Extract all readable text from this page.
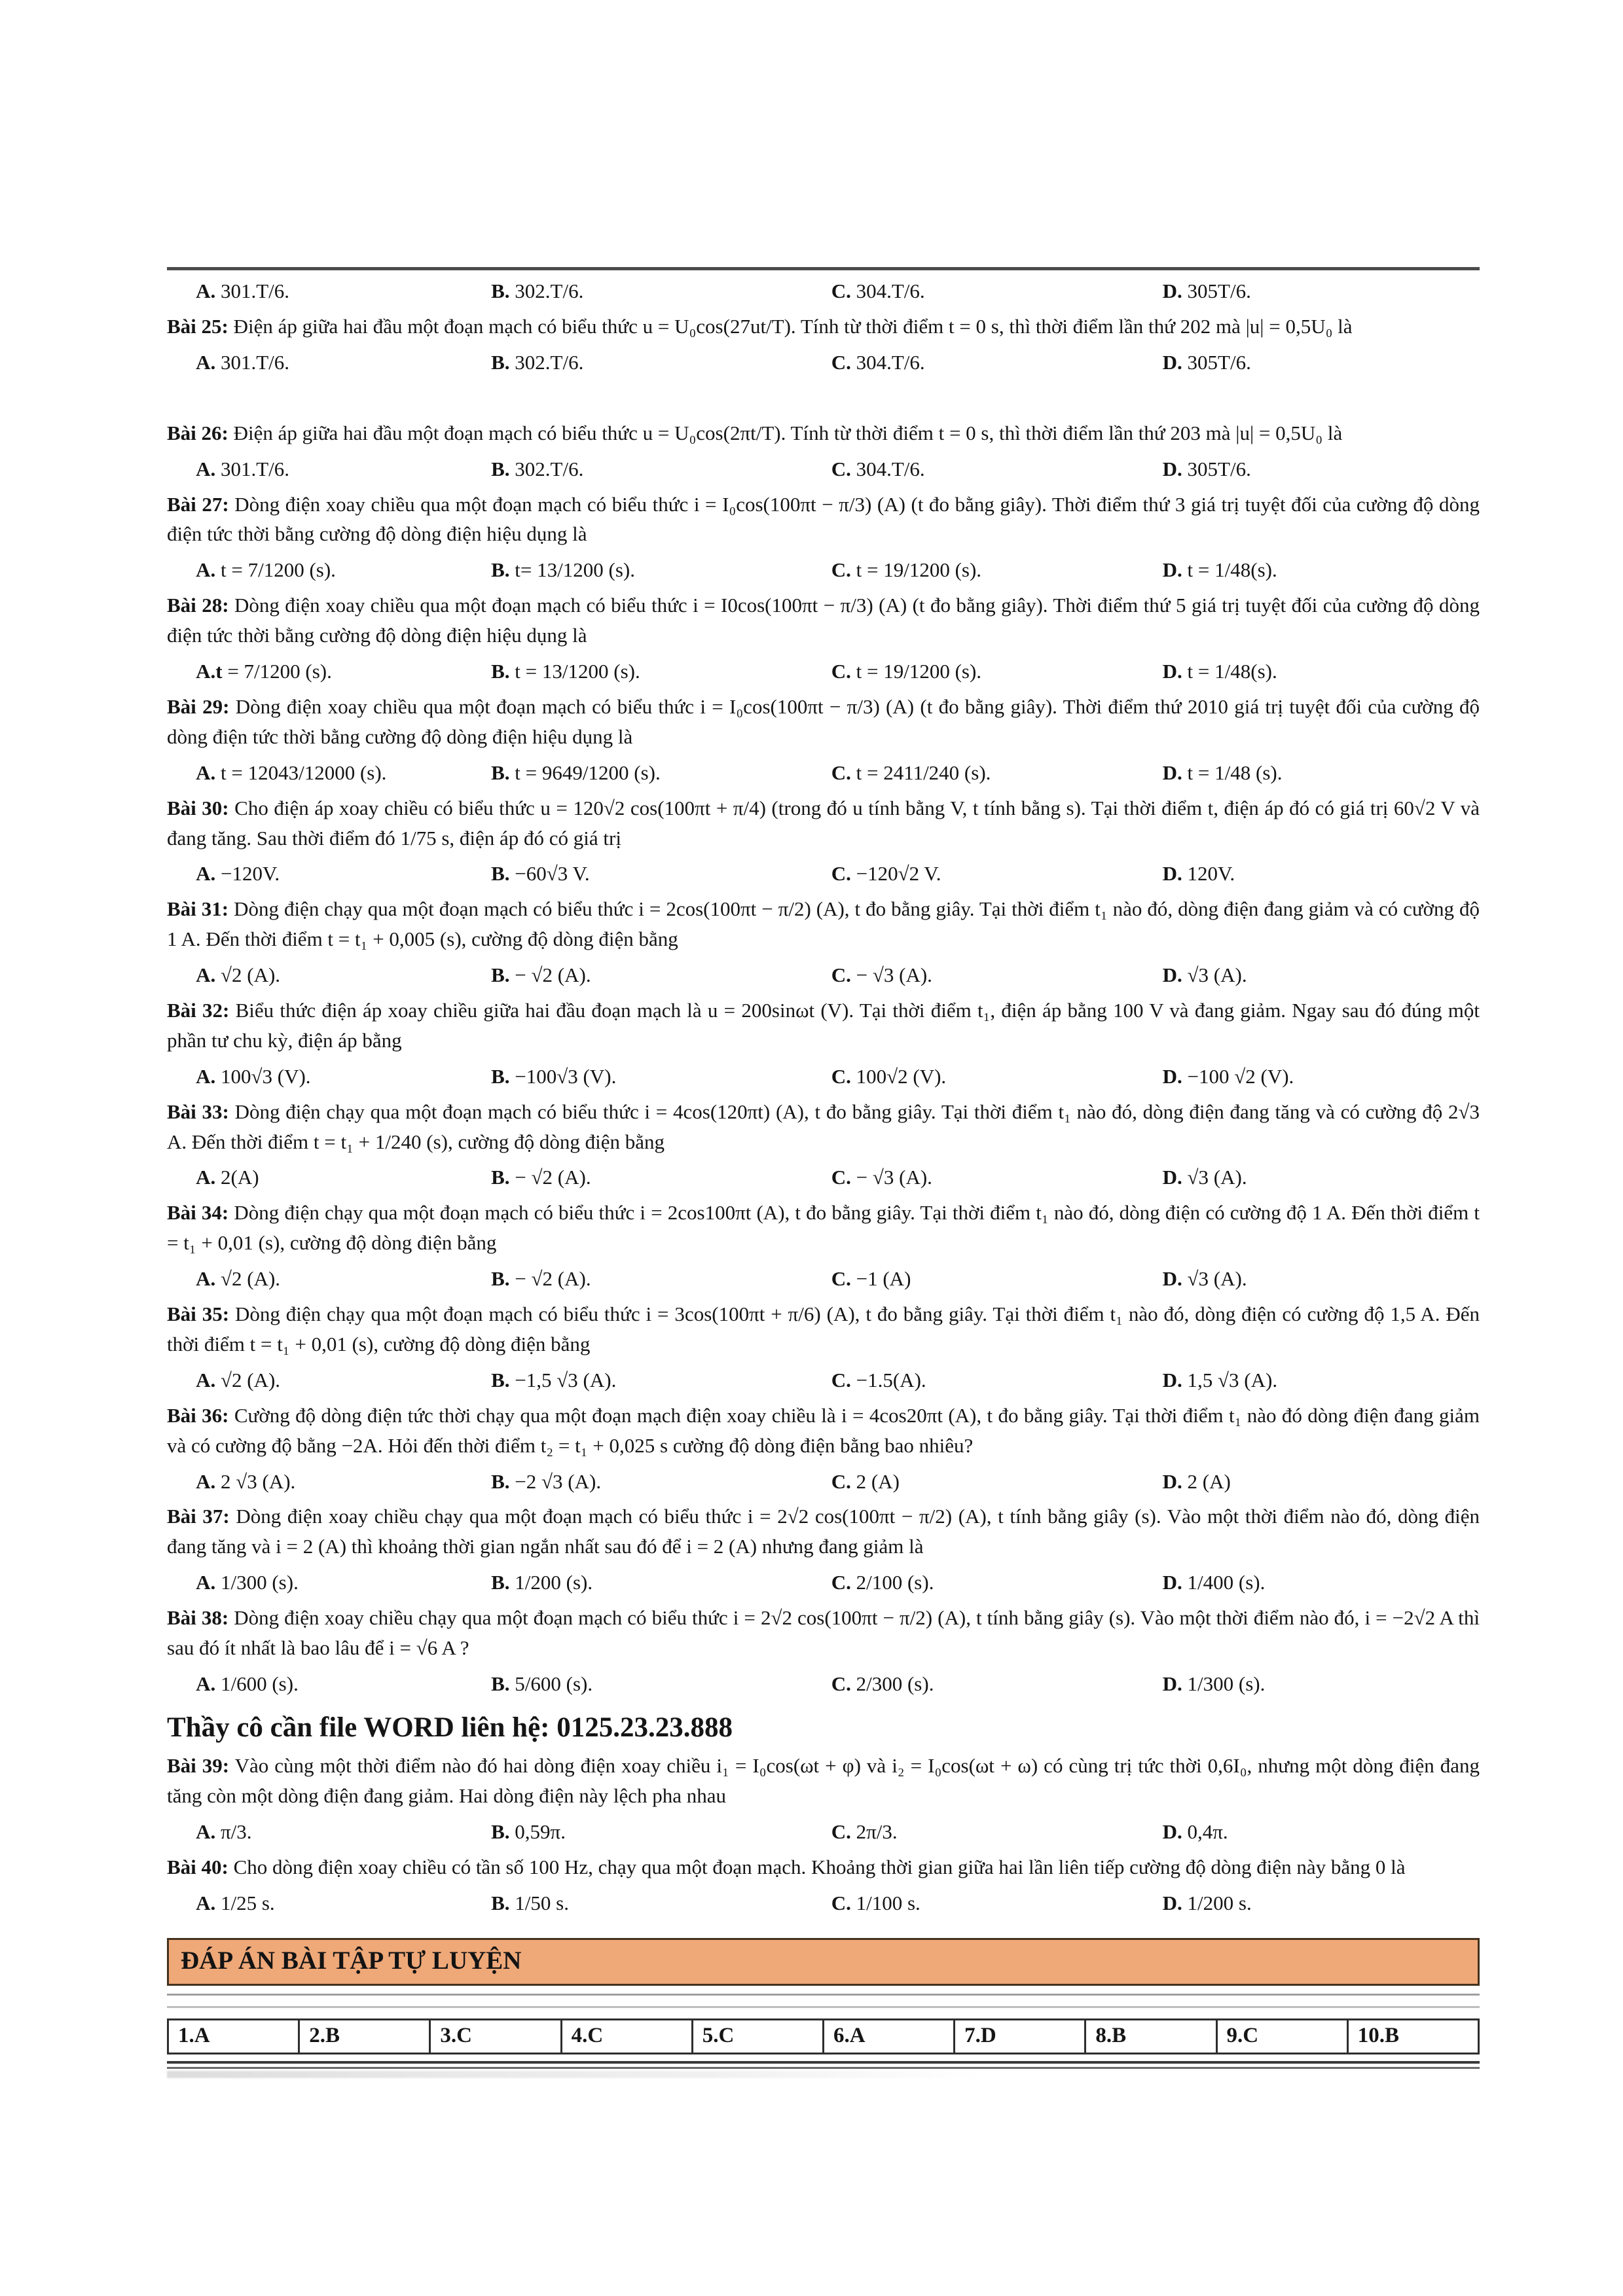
A. 301.T/6.	B. 302.T/6.	C. 304.T/6.	D. 305T/6.

Bài 25: Điện áp giữa hai đầu một đoạn mạch có biểu thức u = U₀cos(27ut/T). Tính từ thời điểm t = 0 s, thì thời điểm lần thứ 202 mà |u| = 0,5U₀ là

A. 301.T/6.	B. 302.T/6.	C. 304.T/6.	D. 305T/6.

Bài 26: Điện áp giữa hai đầu một đoạn mạch có biểu thức u = U₀cos(2πt/T). Tính từ thời điểm t = 0 s, thì thời điểm lần thứ 203 mà |u| = 0,5U₀ là

A. 301.T/6.	B. 302.T/6.	C. 304.T/6.	D. 305T/6.

Bài 27: Dòng điện xoay chiều qua một đoạn mạch có biểu thức i = I₀cos(100πt − π/3) (A) (t đo bằng giây). Thời điểm thứ 3 giá trị tuyệt đối của cường độ dòng điện tức thời bằng cường độ dòng điện hiệu dụng là

A. t = 7/1200 (s).	B. t= 13/1200 (s).	C. t = 19/1200 (s).	D. t = 1/48(s).

Bài 28: Dòng điện xoay chiều qua một đoạn mạch có biểu thức i = I0cos(100πt − π/3) (A) (t đo bằng giây). Thời điểm thứ 5 giá trị tuyệt đối của cường độ dòng điện tức thời bằng cường độ dòng điện hiệu dụng là

A.t = 7/1200 (s).	B. t = 13/1200 (s).	C. t = 19/1200 (s).	D. t = 1/48(s).

Bài 29: Dòng điện xoay chiều qua một đoạn mạch có biểu thức i = I₀cos(100πt − π/3) (A) (t đo bằng giây). Thời điểm thứ 2010 giá trị tuyệt đối của cường độ dòng điện tức thời bằng cường độ dòng điện hiệu dụng là

A. t = 12043/12000 (s).	B. t = 9649/1200 (s).	C. t = 2411/240 (s).	D. t = 1/48 (s).

Bài 30: Cho điện áp xoay chiều có biểu thức u = 120√2 cos(100πt + π/4) (trong đó u tính bằng V, t tính bằng s). Tại thời điểm t, điện áp đó có giá trị 60√2 V và đang tăng. Sau thời điểm đó 1/75 s, điện áp đó có giá trị

A. −120V.	B. −60√3 V.	C. −120√2 V.	D. 120V.

Bài 31: Dòng điện chạy qua một đoạn mạch có biểu thức i = 2cos(100πt − π/2) (A), t đo bằng giây. Tại thời điểm t₁ nào đó, dòng điện đang giảm và có cường độ 1 A. Đến thời điểm t = t₁ + 0,005 (s), cường độ dòng điện bằng

A. √2 (A).	B. − √2 (A).	C. − √3 (A).	D. √3 (A).

Bài 32: Biểu thức điện áp xoay chiều giữa hai đầu đoạn mạch là u = 200sinωt (V). Tại thời điểm t₁, điện áp bằng 100 V và đang giảm. Ngay sau đó đúng một phần tư chu kỳ, điện áp bằng

A. 100√3 (V).	B. −100√3 (V).	C. 100√2 (V).	D. −100 √2 (V).

Bài 33: Dòng điện chạy qua một đoạn mạch có biểu thức i = 4cos(120πt) (A), t đo bằng giây. Tại thời điểm t₁ nào đó, dòng điện đang tăng và có cường độ 2√3 A. Đến thời điểm t = t₁ + 1/240 (s), cường độ dòng điện bằng

A. 2(A)	B. − √2 (A).	C. − √3 (A).	D. √3 (A).

Bài 34: Dòng điện chạy qua một đoạn mạch có biểu thức i = 2cos100πt (A), t đo bằng giây. Tại thời điểm t₁ nào đó, dòng điện có cường độ 1 A. Đến thời điểm t = t₁ + 0,01 (s), cường độ dòng điện bằng

A. √2 (A).	B. − √2 (A).	C. −1 (A)	D. √3 (A).

Bài 35: Dòng điện chạy qua một đoạn mạch có biểu thức i = 3cos(100πt + π/6) (A), t đo bằng giây. Tại thời điểm t₁ nào đó, dòng điện có cường độ 1,5 A. Đến thời điểm t = t₁ + 0,01 (s), cường độ dòng điện bằng

A. √2 (A).	B. −1,5 √3 (A).	C. −1.5(A).	D. 1,5 √3 (A).

Bài 36: Cường độ dòng điện tức thời chạy qua một đoạn mạch điện xoay chiều là i = 4cos20πt (A), t đo bằng giây. Tại thời điểm t₁ nào đó dòng điện đang giảm và có cường độ bằng −2A. Hỏi đến thời điểm t₂ = t₁ + 0,025 s cường độ dòng điện bằng bao nhiêu?

A. 2 √3 (A).	B. −2 √3 (A).	C. 2 (A)	D. 2 (A)

Bài 37: Dòng điện xoay chiều chạy qua một đoạn mạch có biểu thức i = 2√2 cos(100πt − π/2) (A), t tính bằng giây (s). Vào một thời điểm nào đó, dòng điện đang tăng và i = 2 (A) thì khoảng thời gian ngắn nhất sau đó để i = 2 (A) nhưng đang giảm là

A. 1/300 (s).	B. 1/200 (s).	C. 2/100 (s).	D. 1/400 (s).

Bài 38: Dòng điện xoay chiều chạy qua một đoạn mạch có biểu thức i = 2√2 cos(100πt − π/2) (A), t tính bằng giây (s). Vào một thời điểm nào đó, i = −2√2 A thì sau đó ít nhất là bao lâu để i = √6 A ?

A. 1/600 (s).	B. 5/600 (s).	C. 2/300 (s).	D. 1/300 (s).

Thầy cô cần file WORD liên hệ: 0125.23.23.888

Bài 39: Vào cùng một thời điểm nào đó hai dòng điện xoay chiều i₁ = I₀cos(ωt + φ) và i₂ = I₀cos(ωt + ω) có cùng trị tức thời 0,6I₀, nhưng một dòng điện đang tăng còn một dòng điện đang giảm. Hai dòng điện này lệch pha nhau

A. π/3.	B. 0,59π.	C. 2π/3.	D. 0,4π.

Bài 40: Cho dòng điện xoay chiều có tần số 100 Hz, chạy qua một đoạn mạch. Khoảng thời gian giữa hai lần liên tiếp cường độ dòng điện này bằng 0 là

A. 1/25 s.	B. 1/50 s.	C. 1/100 s.	D. 1/200 s.
ĐÁP ÁN BÀI TẬP TỰ LUYỆN
1.A	2.B	3.C	4.C	5.C	6.A	7.D	8.B	9.C	10.B
